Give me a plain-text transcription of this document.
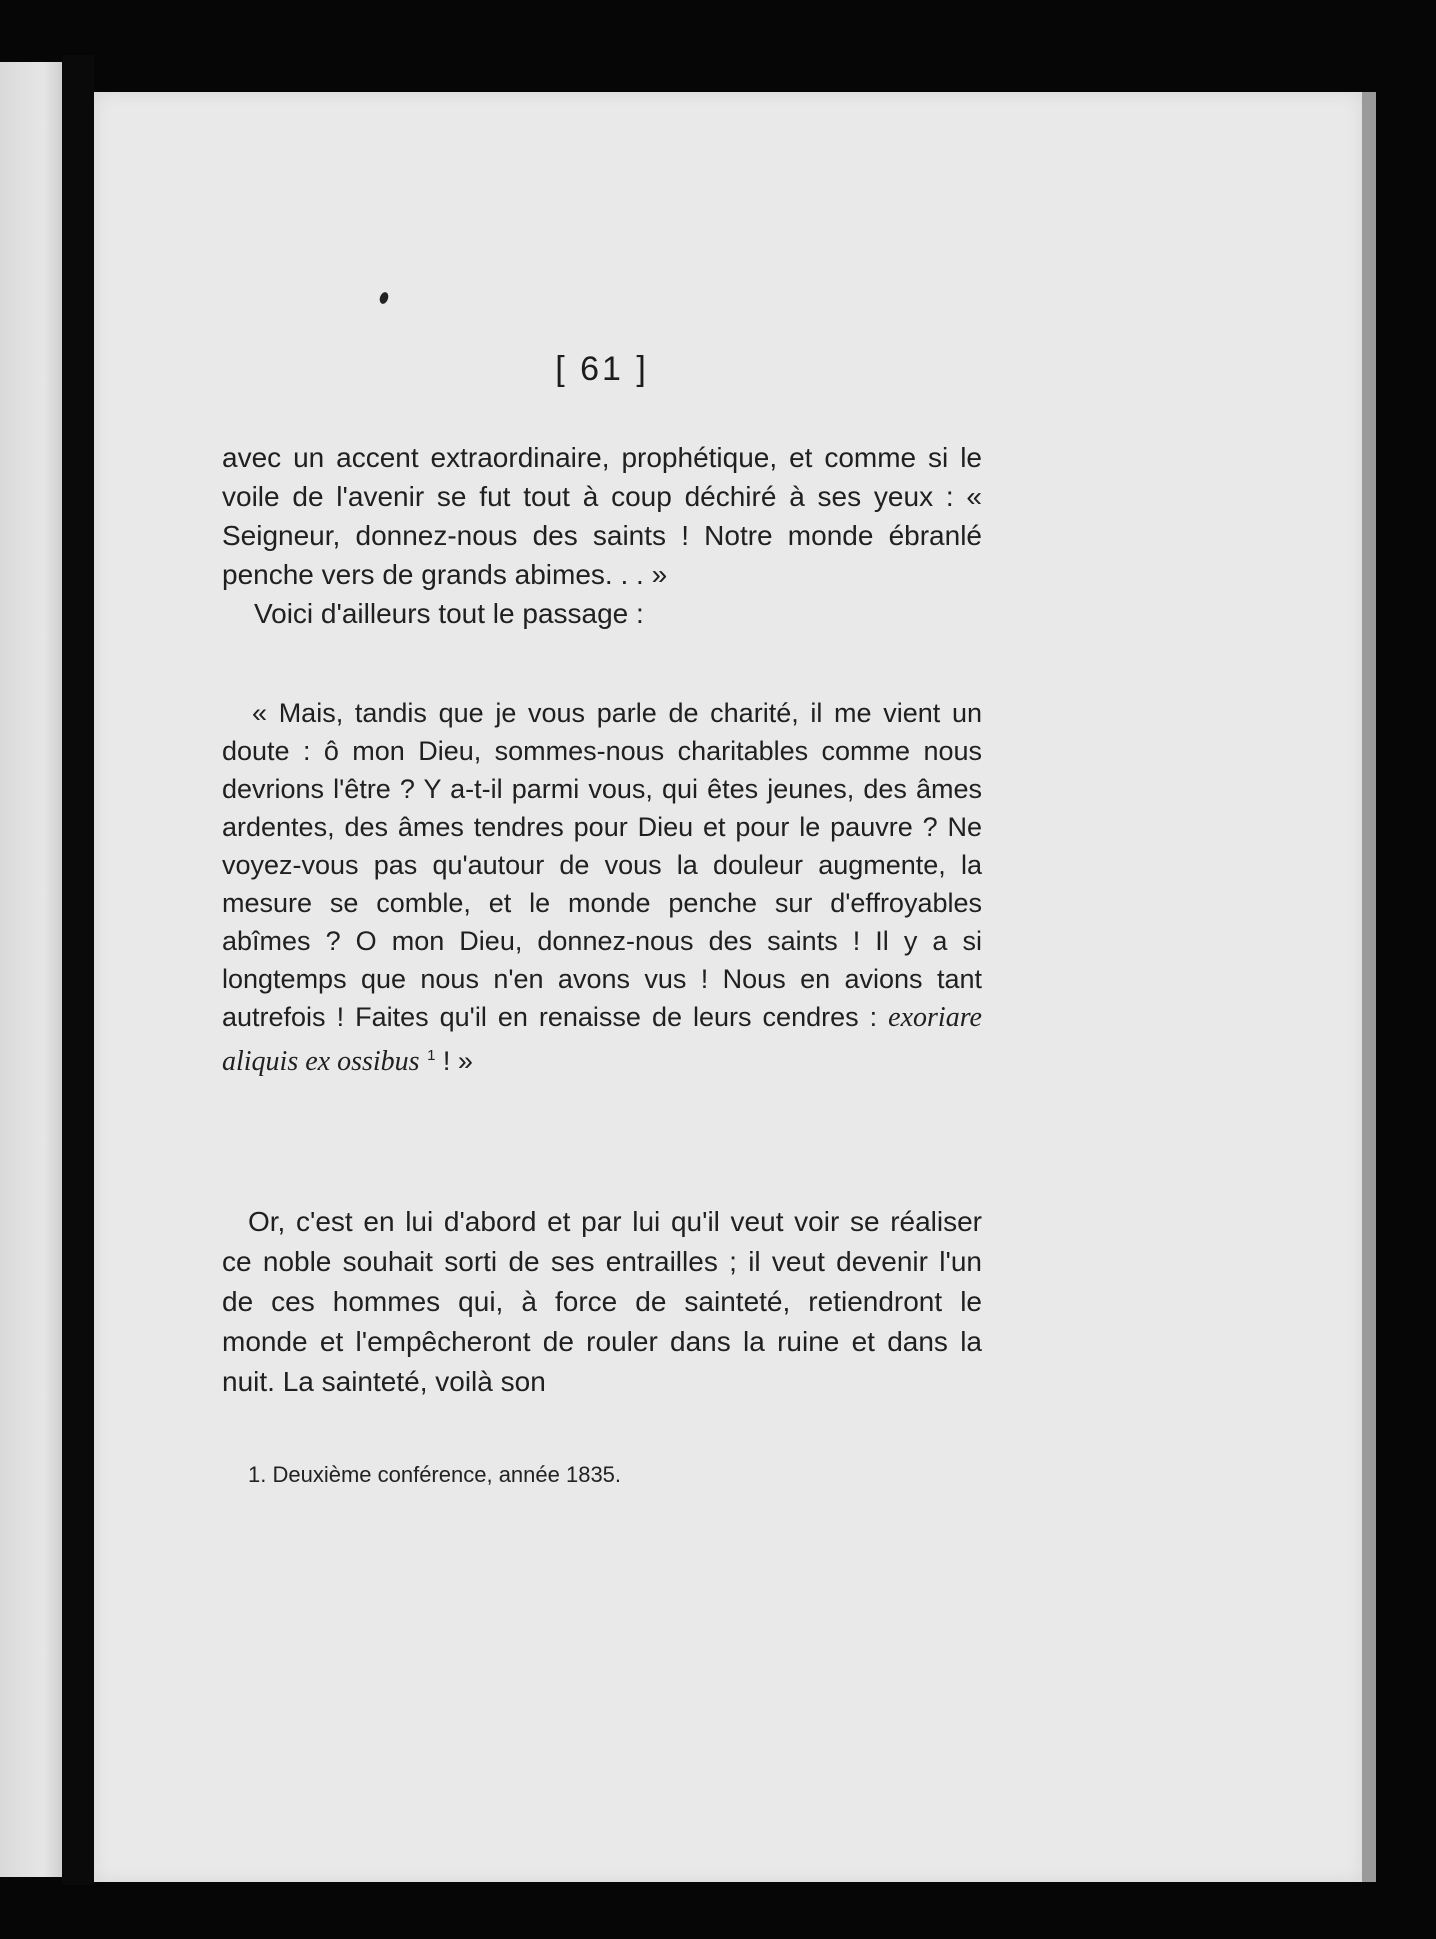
[ 61 ]

avec un accent extraordinaire, prophétique, et comme si le voile de l'avenir se fut tout à coup déchiré à ses yeux : « Seigneur, donnez-nous des saints ! Notre monde ébranlé penche vers de grands abimes. . . »

Voici d'ailleurs tout le passage :

« Mais, tandis que je vous parle de charité, il me vient un doute : ô mon Dieu, sommes-nous charitables comme nous devrions l'être ? Y a-t-il parmi vous, qui êtes jeunes, des âmes ardentes, des âmes tendres pour Dieu et pour le pauvre ? Ne voyez-vous pas qu'autour de vous la douleur augmente, la mesure se comble, et le monde penche sur d'effroyables abîmes ? O mon Dieu, donnez-nous des saints ! Il y a si longtemps que nous n'en avons vus ! Nous en avions tant autrefois ! Faites qu'il en renaisse de leurs cendres : exoriare aliquis ex ossibus $^1$ ! »

Or, c'est en lui d'abord et par lui qu'il veut voir se réaliser ce noble souhait sorti de ses entrailles ; il veut devenir l'un de ces hommes qui, à force de sainteté, retiendront le monde et l'empêcheront de rouler dans la ruine et dans la nuit. La sainteté, voilà son

1. Deuxième conférence, année 1835.
